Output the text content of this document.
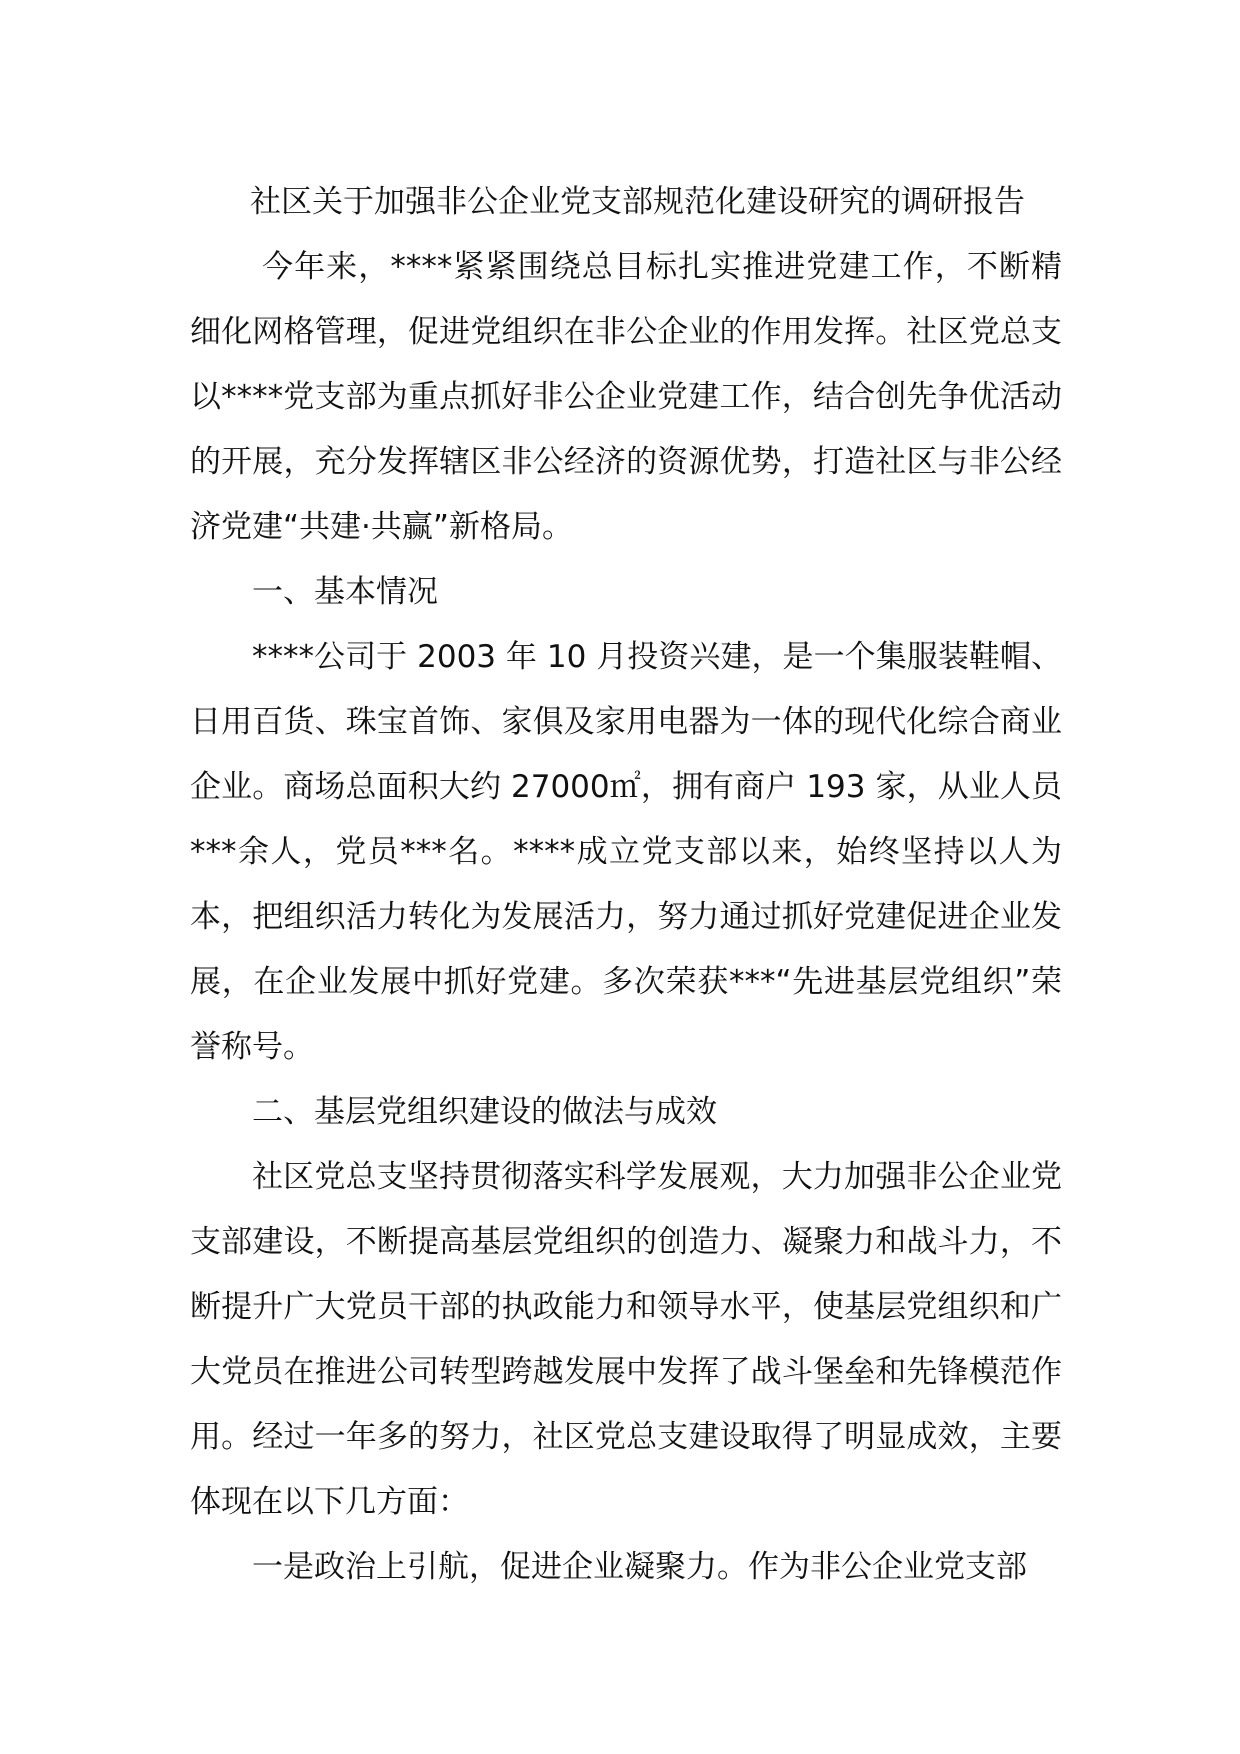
社区关于加强非公企业党支部规范化建设研究的调研报告

今年来，****紧紧围绕总目标扎实推进党建工作，不断精细化网格管理，促进党组织在非公企业的作用发挥。社区党总支以****党支部为重点抓好非公企业党建工作，结合创先争优活动的开展，充分发挥辖区非公经济的资源优势，打造社区与非公经济党建“共建·共赢”新格局。

一、基本情况

****公司于 2003 年 10 月投资兴建，是一个集服装鞋帽、日用百货、珠宝首饰、家俱及家用电器为一体的现代化综合商业企业。商场总面积大约 27000㎡，拥有商户 193 家，从业人员***余人，党员***名。****成立党支部以来，始终坚持以人为本，把组织活力转化为发展活力，努力通过抓好党建促进企业发展，在企业发展中抓好党建。多次荣获***“先进基层党组织”荣誉称号。

二、基层党组织建设的做法与成效

社区党总支坚持贯彻落实科学发展观，大力加强非公企业党支部建设，不断提高基层党组织的创造力、凝聚力和战斗力，不断提升广大党员干部的执政能力和领导水平，使基层党组织和广大党员在推进公司转型跨越发展中发挥了战斗堡垒和先锋模范作用。经过一年多的努力，社区党总支建设取得了明显成效，主要体现在以下几方面：

一是政治上引航，促进企业凝聚力。作为非公企业党支部
